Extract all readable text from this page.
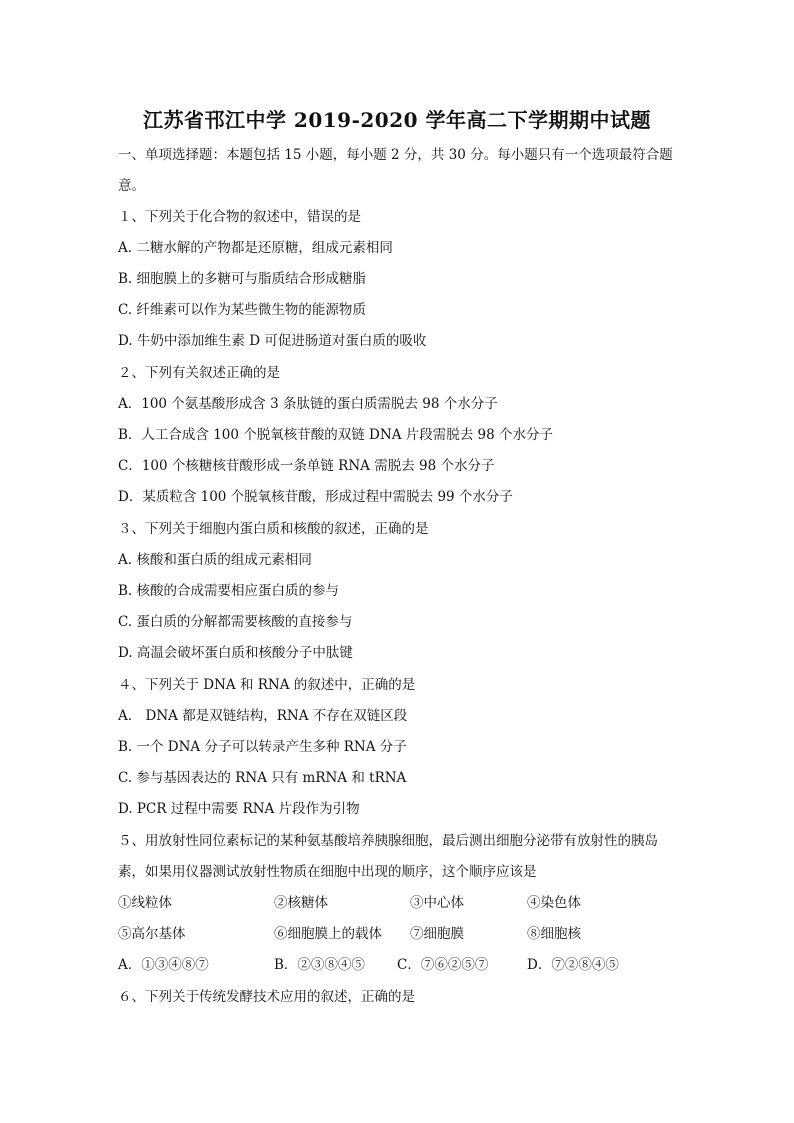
江苏省邗江中学 2019-2020 学年高二下学期期中试题
一、单项选择题：本题包括 15 小题，每小题 2 分，共 30 分。每小题只有一个选项最符合题
意。
１、下列关于化合物的叙述中，错误的是
A. 二糖水解的产物都是还原糖，组成元素相同
B. 细胞膜上的多糖可与脂质结合形成糖脂
C. 纤维素可以作为某些微生物的能源物质
D. 牛奶中添加维生素 D 可促进肠道对蛋白质的吸收
２、下列有关叙述正确的是
A．100 个氨基酸形成含 3 条肽链的蛋白质需脱去 98 个水分子
B．人工合成含 100 个脱氧核苷酸的双链 DNA 片段需脱去 98 个水分子
C．100 个核糖核苷酸形成一条单链 RNA 需脱去 98 个水分子
D．某质粒含 100 个脱氧核苷酸，形成过程中需脱去 99 个水分子
３、下列关于细胞内蛋白质和核酸的叙述，正确的是
A. 核酸和蛋白质的组成元素相同
B. 核酸的合成需要相应蛋白质的参与
C. 蛋白质的分解都需要核酸的直接参与
D. 高温会破坏蛋白质和核酸分子中肽键
４、下列关于 DNA 和 RNA 的叙述中，正确的是
A.　DNA 都是双链结构，RNA 不存在双链区段
B. 一个 DNA 分子可以转录产生多种 RNA 分子
C. 参与基因表达的 RNA 只有 mRNA 和 tRNA
D. PCR 过程中需要 RNA 片段作为引物
５、用放射性同位素标记的某种氨基酸培养胰腺细胞，最后测出细胞分泌带有放射性的胰岛
素，如果用仪器测试放射性物质在细胞中出现的顺序，这个顺序应该是
①线粒体	②核糖体	③中心体	④染色体
⑤高尔基体	⑥细胞膜上的载体 ⑦细胞膜	⑧细胞核
A．①③④⑧⑦	B．②③⑧④⑤ C．⑦⑥②⑤⑦	D．⑦②⑧④⑤
６、下列关于传统发酵技术应用的叙述，正确的是
